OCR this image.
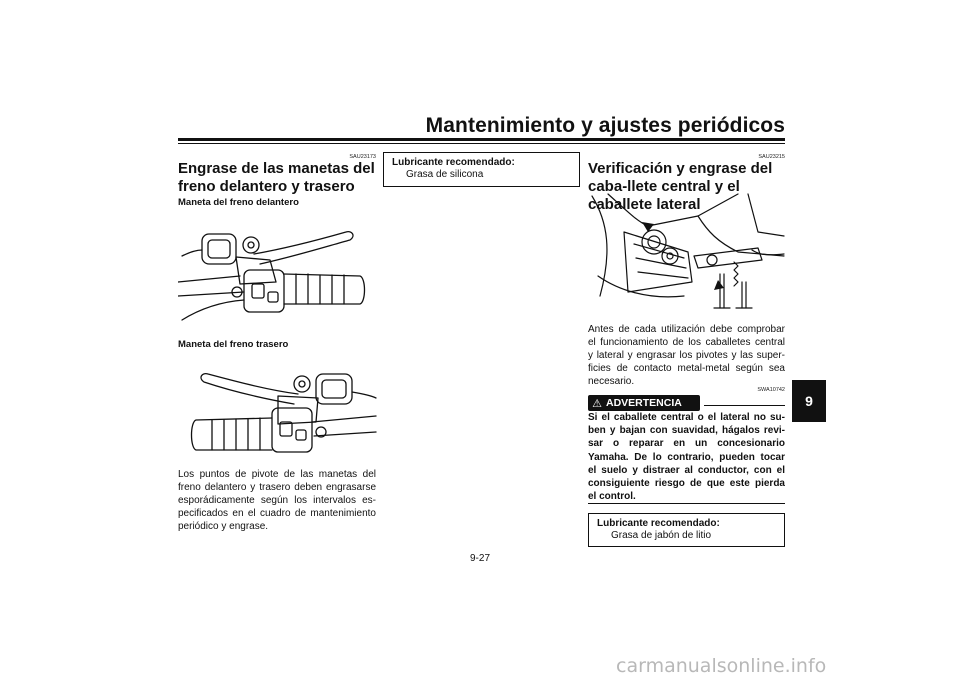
Mantenimiento y ajustes periódicos
9
SAU23173
Engrase de las manetas del freno delantero y trasero
Maneta del freno delantero
Maneta del freno trasero
Los puntos de pivote de las manetas del
freno delantero y trasero deben engrasarse
esporádicamente según los intervalos es-
pecificados en el cuadro de mantenimiento
periódico y engrase.
Lubricante recomendado:
Grasa de silicona
SAU23215
Verificación y engrase del caba-llete central y el caballete lateral
Antes de cada utilización debe comprobar
el funcionamiento de los caballetes central
y lateral y engrasar los pivotes y las super-
ficies de contacto metal-metal según sea
necesario.
SWA10742
⚠ ADVERTENCIA
Si el caballete central o el lateral no su-
ben y bajan con suavidad, hágalos revi-
sar o reparar en un concesionario
Yamaha. De lo contrario, pueden tocar
el suelo y distraer al conductor, con el
consiguiente riesgo de que este pierda
el control.
Lubricante recomendado:
Grasa de jabón de litio
9-27
carmanualsonline.info
